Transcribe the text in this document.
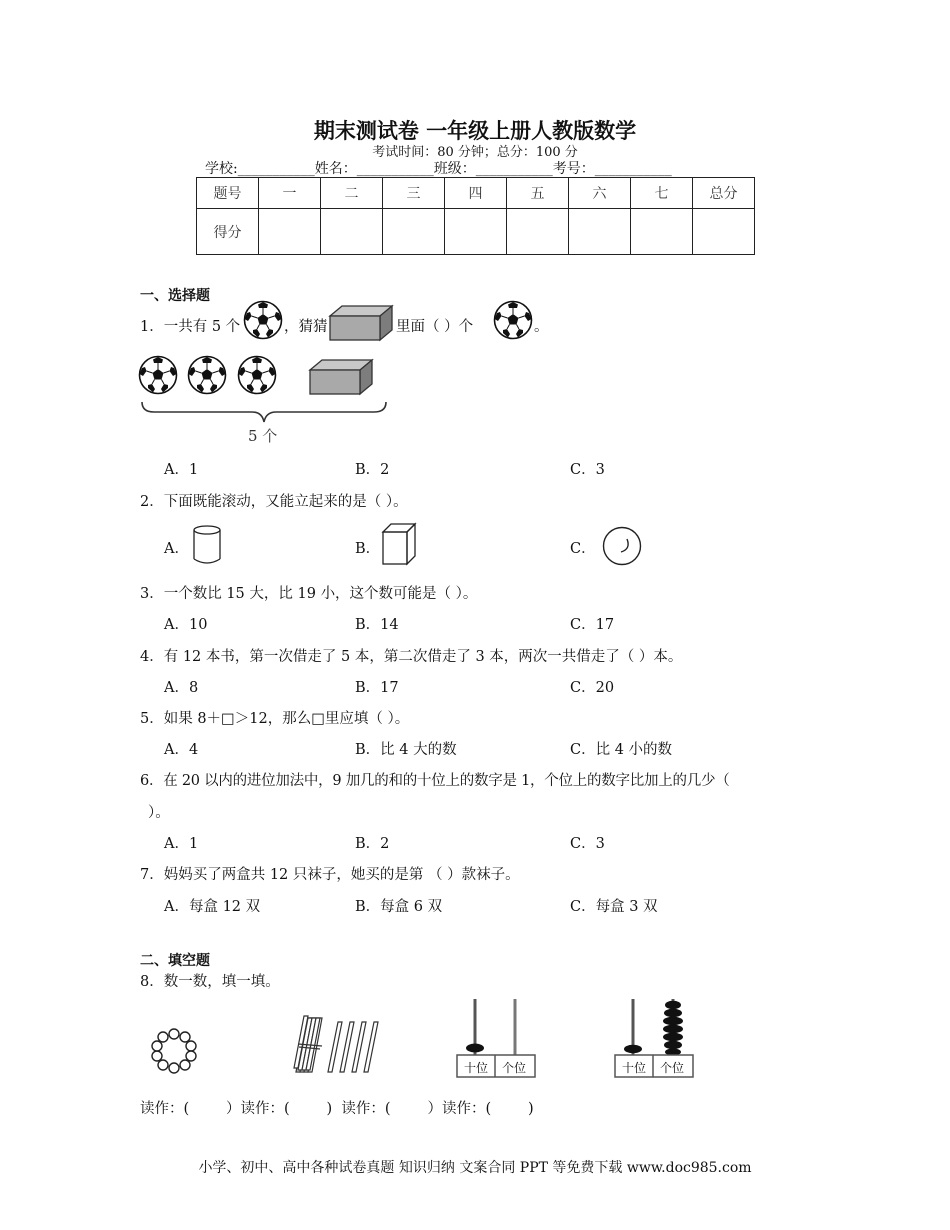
期末测试卷 一年级上册人教版数学
考试时间：80 分钟；总分：100 分
学校:___________姓名：___________班级：___________考号：___________
题号	一	二	三	四	五	六	七	总分
得分								
一、选择题
1．一共有 5 个	，猜猜	里面（ ）个	。
5 个
A．1	B．2	C．3
2．下面既能滚动，又能立起来的是（ ）。
A．	B．	C．
3．一个数比 15 大，比 19 小，这个数可能是（ ）。
A．10	B．14	C．17
4．有 12 本书，第一次借走了 5 本，第二次借走了 3 本，两次一共借走了（ ）本。
A．8	B．17	C．20
5．如果 8＋□＞12，那么□里应填（ ）。
A．4	B．比 4 大的数	C．比 4 小的数
6．在 20 以内的进位加法中，9 加几的和的十位上的数字是 1，个位上的数字比加上的几少（
）。
A．1	B．2	C．3
7．妈妈买了两盒共 12 只袜子，她买的是第 （ ）款袜子。
A．每盒 12 双	B．每盒 6 双	C．每盒 3 双
二、填空题
8．数一数，填一填。
十位	个位	十位	个位
读作：(        ）读作：(        )  读作：(        ）读作：(        )
小学、初中、高中各种试卷真题 知识归纳 文案合同 PPT 等免费下载 www.doc985.com
